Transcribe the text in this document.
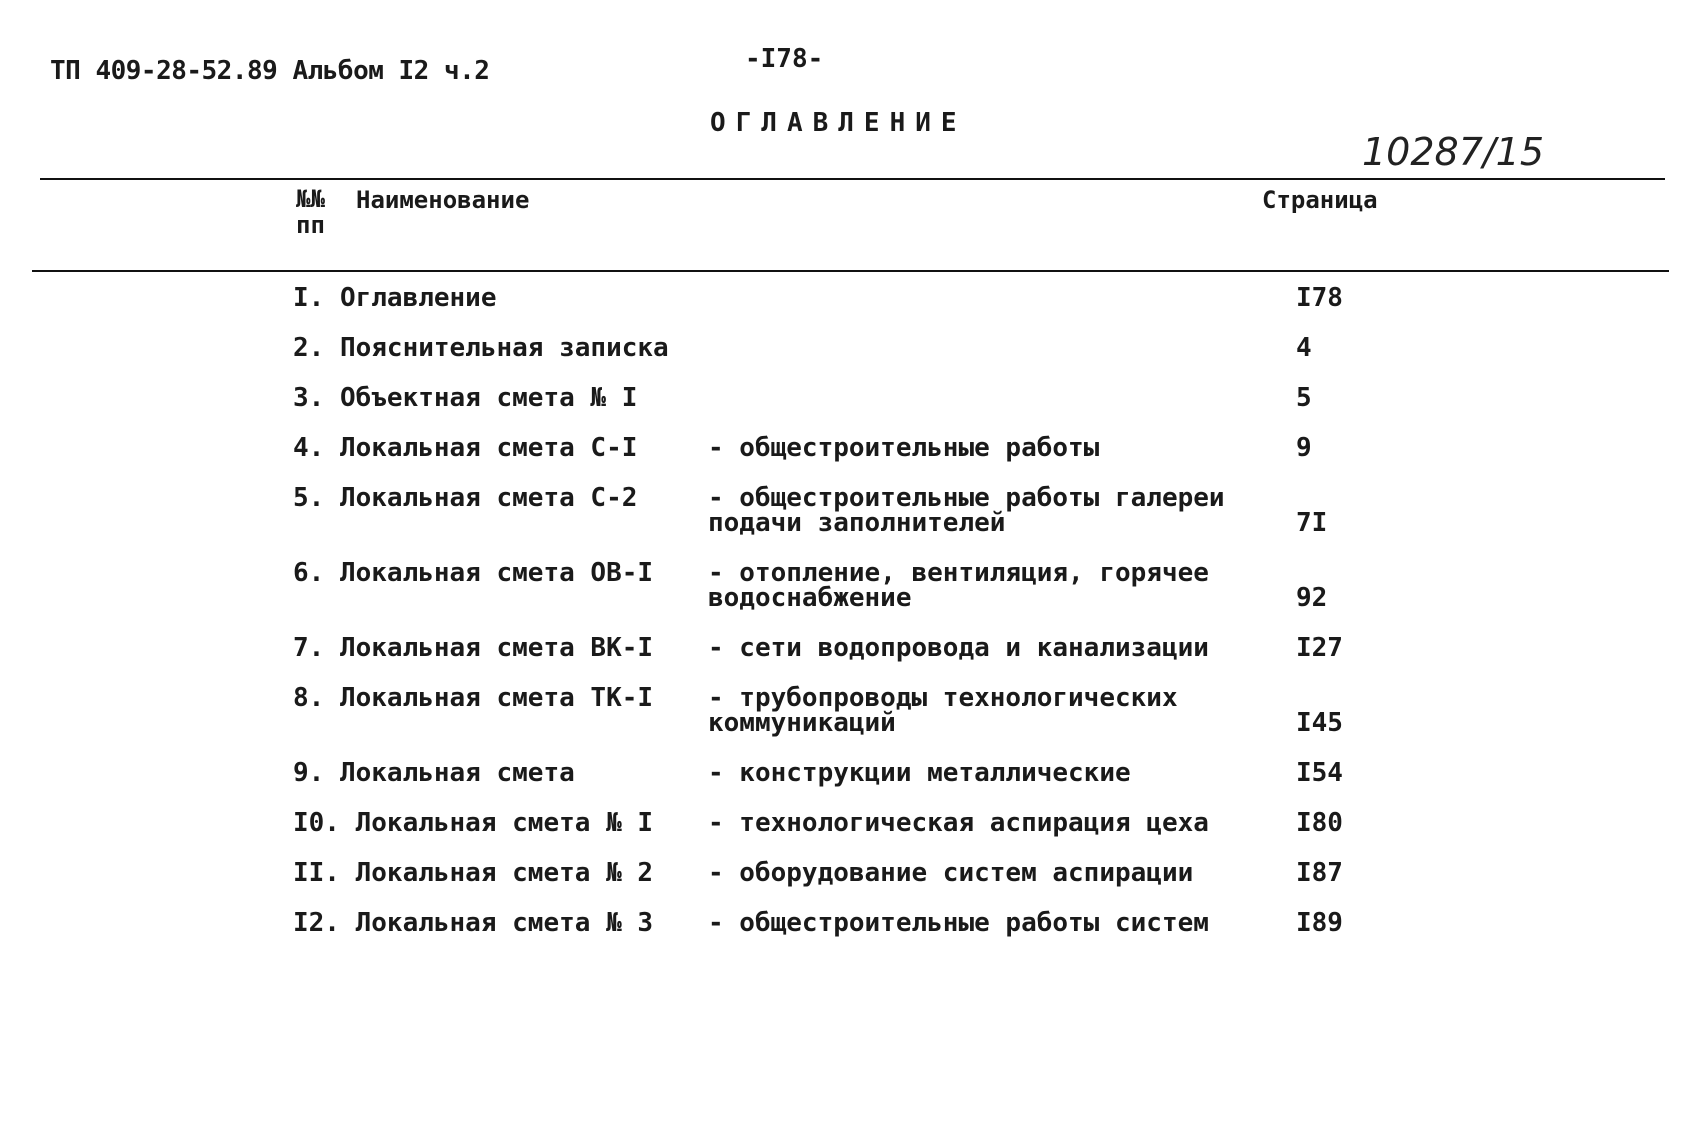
ТП 409-28-52.89 Альбом I2 ч.2	-I78-
ОГЛАВЛЕНИЕ
10287/15
№№
пп
Наименование	Страница
I. Оглавление	I78
2. Пояснительная записка	4
3. Объектная смета № I	5
4. Локальная смета С-I	- общестроительные работы	9
5. Локальная смета С-2	- общестроительные работы галереи
подачи заполнителей	7I
6. Локальная смета ОВ-I - отопление, вентиляция, горячее
водоснабжение	92
7. Локальная смета ВК-I - сети водопровода и канализации	I27
8. Локальная смета ТК-I - трубопроводы технологических
коммуникаций	I45
9. Локальная смета	- конструкции металлические	I54
I0. Локальная смета № I - технологическая аспирация цеха	I80
II. Локальная смета № 2 - оборудование систем аспирации	I87
I2. Локальная смета № 3 - общестроительные работы систем	I89
